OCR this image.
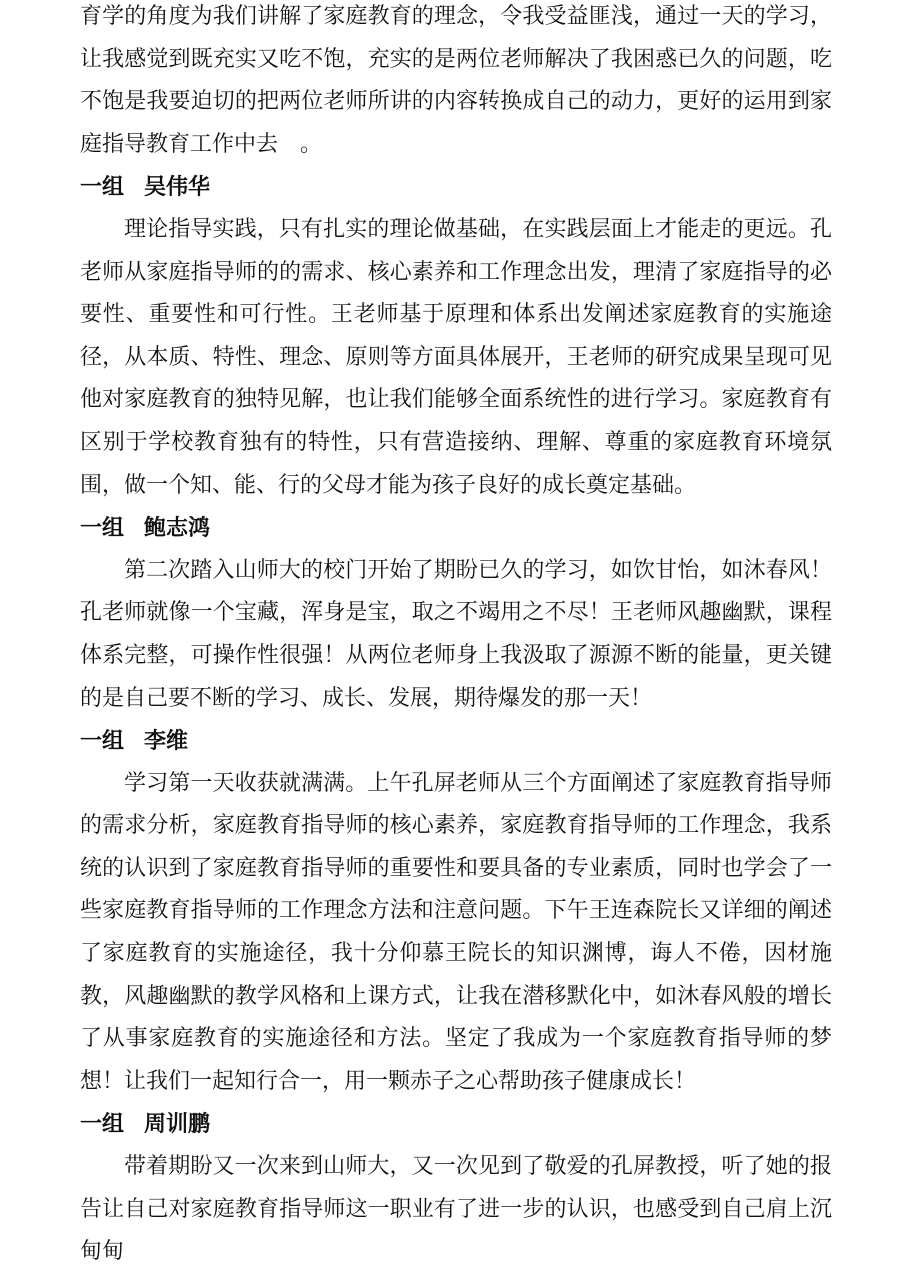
育学的角度为我们讲解了家庭教育的理念，令我受益匪浅，通过一天的学习，让我感觉到既充实又吃不饱，充实的是两位老师解决了我困惑已久的问题，吃不饱是我要迫切的把两位老师所讲的内容转换成自己的动力，更好的运用到家庭指导教育工作中去　。

一组 吴伟华

理论指导实践，只有扎实的理论做基础，在实践层面上才能走的更远。孔老师从家庭指导师的的需求、核心素养和工作理念出发，理清了家庭指导的必要性、重要性和可行性。王老师基于原理和体系出发阐述家庭教育的实施途径，从本质、特性、理念、原则等方面具体展开，王老师的研究成果呈现可见他对家庭教育的独特见解，也让我们能够全面系统性的进行学习。家庭教育有区别于学校教育独有的特性，只有营造接纳、理解、尊重的家庭教育环境氛围，做一个知、能、行的父母才能为孩子良好的成长奠定基础。

一组 鲍志鸿

第二次踏入山师大的校门开始了期盼已久的学习，如饮甘怡，如沐春风！孔老师就像一个宝藏，浑身是宝，取之不竭用之不尽！王老师风趣幽默，课程体系完整，可操作性很强！从两位老师身上我汲取了源源不断的能量，更关键的是自己要不断的学习、成长、发展，期待爆发的那一天！

一组 李维

学习第一天收获就满满。上午孔屏老师从三个方面阐述了家庭教育指导师的需求分析，家庭教育指导师的核心素养，家庭教育指导师的工作理念，我系统的认识到了家庭教育指导师的重要性和要具备的专业素质，同时也学会了一些家庭教育指导师的工作理念方法和注意问题。下午王连森院长又详细的阐述了家庭教育的实施途径，我十分仰慕王院长的知识渊博，诲人不倦，因材施教，风趣幽默的教学风格和上课方式，让我在潜移默化中，如沐春风般的增长了从事家庭教育的实施途径和方法。坚定了我成为一个家庭教育指导师的梦想！让我们一起知行合一，用一颗赤子之心帮助孩子健康成长！

一组 周训鹏

带着期盼又一次来到山师大，又一次见到了敬爱的孔屏教授，听了她的报告让自己对家庭教育指导师这一职业有了进一步的认识，也感受到自己肩上沉甸甸
